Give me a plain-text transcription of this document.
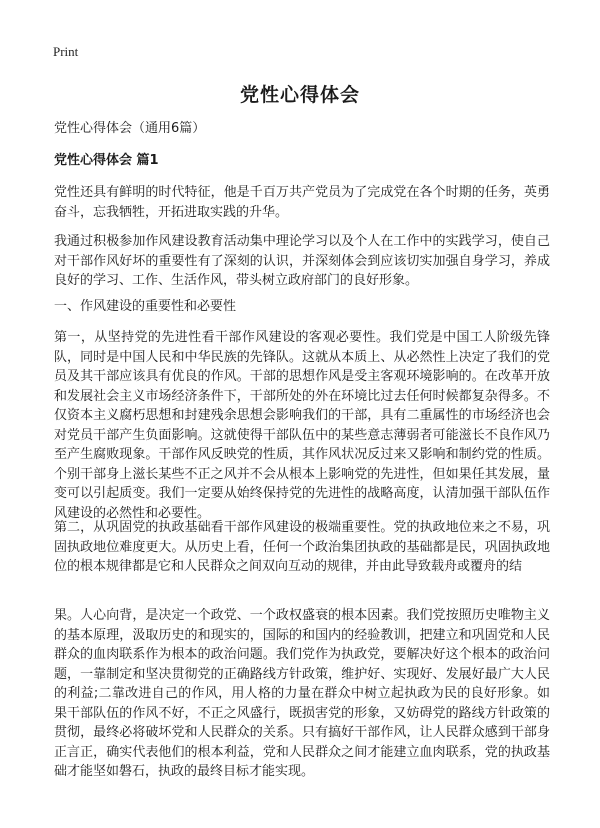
Print
党性心得体会
党性心得体会（通用6篇）
党性心得体会 篇1
党性还具有鲜明的时代特征，他是千百万共产党员为了完成党在各个时期的任务，英勇奋斗，忘我牺牲，开拓进取实践的升华。
我通过积极参加作风建设教育活动集中理论学习以及个人在工作中的实践学习，使自己对干部作风好坏的重要性有了深刻的认识，并深刻体会到应该切实加强自身学习，养成良好的学习、工作、生活作风，带头树立政府部门的良好形象。
一、作风建设的重要性和必要性
第一，从坚持党的先进性看干部作风建设的客观必要性。我们党是中国工人阶级先锋队，同时是中国人民和中华民族的先锋队。这就从本质上、从必然性上决定了我们的党员及其干部应该具有优良的作风。干部的思想作风是受主客观环境影响的。在改革开放和发展社会主义市场经济条件下，干部所处的外在环境比过去任何时候都复杂得多。不仅资本主义腐朽思想和封建残余思想会影响我们的干部，具有二重属性的市场经济也会对党员干部产生负面影响。这就使得干部队伍中的某些意志薄弱者可能滋长不良作风乃至产生腐败现象。干部作风反映党的性质，其作风状况反过来又影响和制约党的性质。个别干部身上滋长某些不正之风并不会从根本上影响党的先进性，但如果任其发展，量变可以引起质变。我们一定要从始终保持党的先进性的战略高度，认清加强干部队伍作风建设的必然性和必要性。
第二，从巩固党的执政基础看干部作风建设的极端重要性。党的执政地位来之不易，巩固执政地位难度更大。从历史上看，任何一个政治集团执政的基础都是民，巩固执政地位的根本规律都是它和人民群众之间双向互动的规律，并由此导致载舟或覆舟的结
果。人心向背，是决定一个政党、一个政权盛衰的根本因素。我们党按照历史唯物主义的基本原理，汲取历史的和现实的，国际的和国内的经验教训，把建立和巩固党和人民群众的血肉联系作为根本的政治问题。我们党作为执政党，要解决好这个根本的政治问题，一靠制定和坚决贯彻党的正确路线方针政策，维护好、实现好、发展好最广大人民的利益;二靠改进自己的作风，用人格的力量在群众中树立起执政为民的良好形象。如果干部队伍的作风不好，不正之风盛行，既损害党的形象，又妨碍党的路线方针政策的贯彻，最终必将破坏党和人民群众的关系。只有搞好干部作风，让人民群众感到干部身正言正，确实代表他们的根本利益，党和人民群众之间才能建立血肉联系，党的执政基础才能坚如磐石，执政的最终目标才能实现。
